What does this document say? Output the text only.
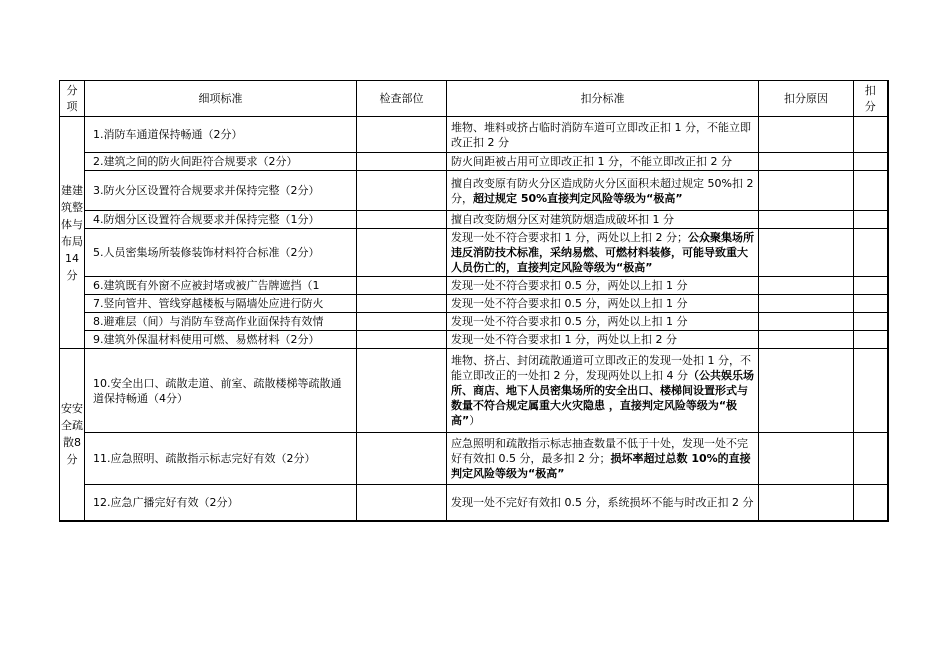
分项	细项标准	检查部位	扣分标准	扣分原因	扣分
建建筑整体与布局14分	1.消防车通道保持畅通（2分）		堆物、堆料或挤占临时消防车道可立即改正扣 1 分，不能立即改正扣 2 分		
	2.建筑之间的防火间距符合规要求（2分）		防火间距被占用可立即改正扣 1 分，不能立即改正扣 2 分		
	3.防火分区设置符合规要求并保持完整（2分）		擅自改变原有防火分区造成防火分区面积未超过规定 50%扣 2 分，超过规定 50%直接判定风险等级为“极高”		
	4.防烟分区设置符合规要求并保持完整（1分）		擅自改变防烟分区对建筑防烟造成破坏扣 1 分		
	5.人员密集场所装修装饰材料符合标准（2分）		发现一处不符合要求扣 1 分，两处以上扣 2 分；公众聚集场所违反消防技术标准，采纳易燃、可燃材料装修，可能导致重大人员伤亡的，直接判定风险等级为“极高”		
	6.建筑既有外窗不应被封堵或被广告牌遮挡（1		发现一处不符合要求扣 0.5 分，两处以上扣 1 分		
	7.竖向管井、管线穿越楼板与隔墙处应进行防火		发现一处不符合要求扣 0.5 分，两处以上扣 1 分		
	8.避难层（间）与消防车登高作业面保持有效情		发现一处不符合要求扣 0.5 分，两处以上扣 1 分		
	9.建筑外保温材料使用可燃、易燃材料（2分）		发现一处不符合要求扣 1 分，两处以上扣 2 分		
安安全疏散8分	10.安全出口、疏散走道、前室、疏散楼梯等疏散通道保持畅通（4分）		堆物、挤占、封闭疏散通道可立即改正的发现一处扣 1 分，不能立即改正的一处扣 2 分，发现两处以上扣 4 分（公共娱乐场所、商店、地下人员密集场所的安全出口、楼梯间设置形式与数量不符合规定属重大火灾隐患 ，直接判定风险等级为“极高”）		
	11.应急照明、疏散指示标志完好有效（2分）		应急照明和疏散指示标志抽查数量不低于十处，发现一处不完好有效扣 0.5 分，最多扣 2 分；损坏率超过总数 10%的直接判定风险等级为“极高”		
	12.应急广播完好有效（2分）		发现一处不完好有效扣 0.5 分，系统损坏不能与时改正扣 2 分		
